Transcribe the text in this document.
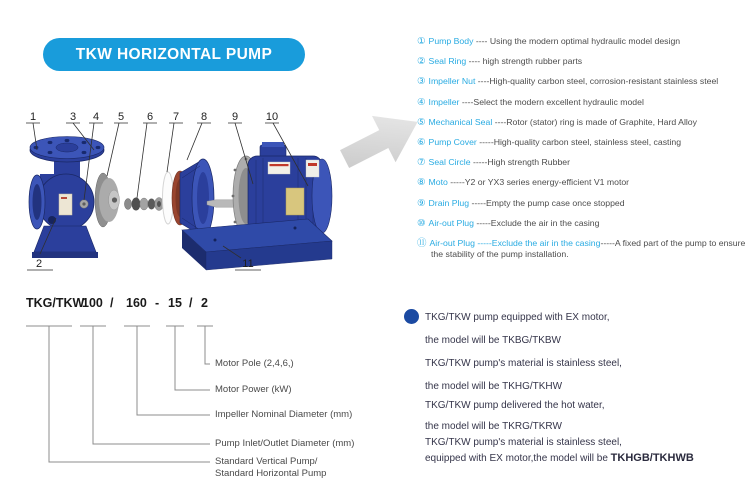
TKW HORIZONTAL PUMP
1	3 4 5 6 7 8 9	10
2	11
① Pump Body ---- Using the modern optimal hydraulic model design
② Seal Ring ---- high strength rubber parts
③ Impeller Nut ----High-quality carbon steel, corrosion-resistant stainless steel
④ Impeller ----Select the modern excellent hydraulic model
⑤ Mechanical Seal ----Rotor (stator) ring is made of Graphite, Hard Alloy
⑥ Pump Cover -----High-quality carbon steel, stainless steel, casting
⑦ Seal Circle -----High strength Rubber
⑧ Moto -----Y2 or YX3 series energy-efficient V1 motor
⑨ Drain Plug -----Empty the pump case once stopped
⑩ Air-out Plug -----Exclude the air in the casing
⑪ Air-out Plug -----Exclude the air in the casing-----A fixed part of the pump to ensure the stability of the pump installation.
TKG/TKW
100 / 160 - 15 / 2
Motor Pole (2,4,6,)
Motor Power (kW)
Impeller Nominal Diameter (mm)
Pump Inlet/Outlet Diameter (mm)
Standard Vertical Pump/
Standard Horizontal Pump
TKG/TKW pump equipped with EX motor,
the model will be TKBG/TKBW
TKG/TKW pump's material is stainless steel,
the model will be TKHG/TKHW
TKG/TKW pump delivered the hot water,
the model will be TKRG/TKRW
TKG/TKW pump's material is stainless steel,
equipped with EX motor,the model will be TKHGB/TKHWB
